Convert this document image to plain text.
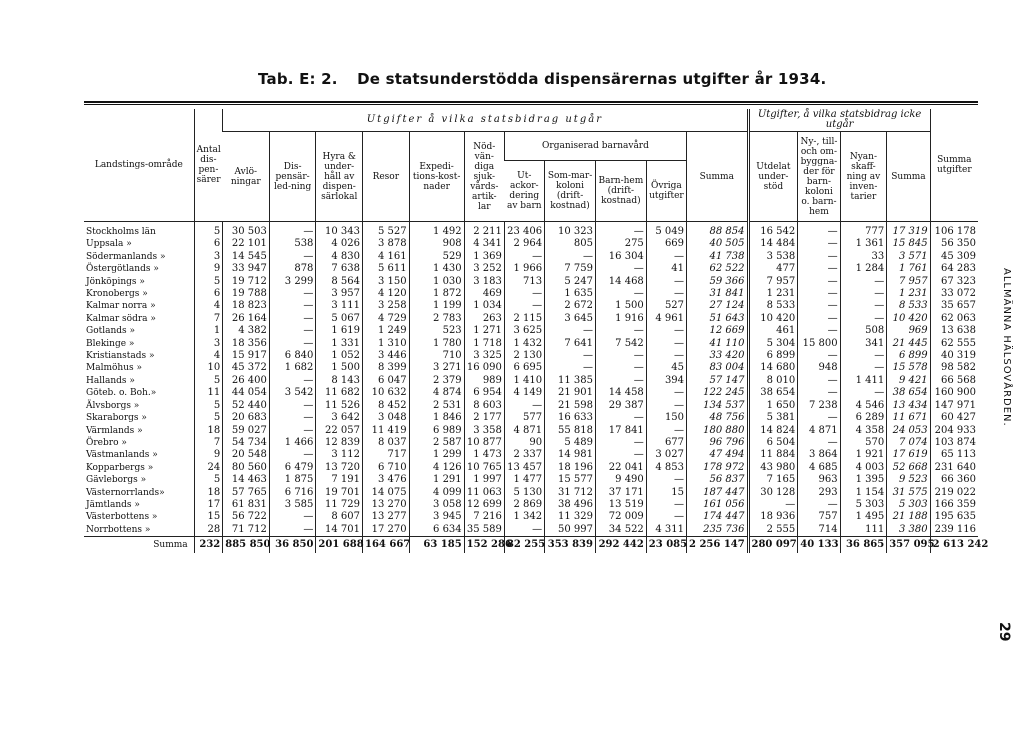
Tab. E: 2. De statsunderstödda dispensärernas utgifter år 1934.
Landstings-område	Antal dis-pen-särer	Utgifter å vilka statsbidrag utgår											Utgifter, å vilka statsbidrag icke utgår				Summa utgifter
		Avlö-ningar	Dis-pensär-led-ning	Hyra & under-håll av dispen-särlokal	Resor	Expedi-tions-kost-nader	Nöd-vän-diga sjuk-vårds-artik-lar	Organiserad barnavård				Summa	Utdelat under-stöd	Ny-, till- och om-byggna-der för barn-koloni o. barn-hem	Nyan-skaff-ning av inven-tarier	Summa	
								Ut-ackor-dering av barn	Som-mar-koloni (drift-kostnad)	Barn-hem (drift-kostnad)	Övriga utgifter						
Stockholms län	5	30 503	—	10 343	5 527	1 492	2 211	23 406	10 323	—	5 049	88 854	16 542	—	777	17 319	106 178
Uppsala »	6	22 101	538	4 026	3 878	908	4 341	2 964	805	275	669	40 505	14 484	—	1 361	15 845	56 350
Södermanlands »	3	14 545	—	4 830	4 161	529	1 369	—	—	16 304	—	41 738	3 538	—	33	3 571	45 309
Östergötlands »	9	33 947	878	7 638	5 611	1 430	3 252	1 966	7 759	—	41	62 522	477	—	1 284	1 761	64 283
Jönköpings »	5	19 712	3 299	8 564	3 150	1 030	3 183	713	5 247	14 468	—	59 366	7 957	—	—	7 957	67 323
Kronobergs »	6	19 788	—	3 957	4 120	1 872	469	—	1 635	—	—	31 841	1 231	—	—	1 231	33 072
Kalmar norra »	4	18 823	—	3 111	3 258	1 199	1 034	—	2 672	1 500	527	27 124	8 533	—	—	8 533	35 657
Kalmar södra »	7	26 164	—	5 067	4 729	2 783	263	2 115	3 645	1 916	4 961	51 643	10 420	—	—	10 420	62 063
Gotlands »	1	4 382	—	1 619	1 249	523	1 271	3 625	—	—	—	12 669	461	—	508	969	13 638
Blekinge »	3	18 356	—	1 331	1 310	1 780	1 718	1 432	7 641	7 542	—	41 110	5 304	15 800	341	21 445	62 555
Kristianstads »	4	15 917	6 840	1 052	3 446	710	3 325	2 130	—	—	—	33 420	6 899	—	—	6 899	40 319
Malmöhus »	10	45 372	1 682	1 500	8 399	3 271	16 090	6 695	—	—	45	83 004	14 680	948	—	15 578	98 582
Hallands »	5	26 400	—	8 143	6 047	2 379	989	1 410	11 385	—	394	57 147	8 010	—	1 411	9 421	66 568
Göteb. o. Boh.»	11	44 054	3 542	11 682	10 632	4 874	6 954	4 149	21 901	14 458	—	122 245	38 654	—	—	38 654	160 900
Älvsborgs »	5	52 440	—	11 526	8 452	2 531	8 603	—	21 598	29 387	—	134 537	1 650	7 238	4 546	13 434	147 971
Skaraborgs »	5	20 683	—	3 642	3 048	1 846	2 177	577	16 633	—	150	48 756	5 381	—	6 289	11 671	60 427
Värmlands »	18	59 027	—	22 057	11 419	6 989	3 358	4 871	55 818	17 841	—	180 880	14 824	4 871	4 358	24 053	204 933
Örebro »	7	54 734	1 466	12 839	8 037	2 587	10 877	90	5 489	—	677	96 796	6 504	—	570	7 074	103 874
Västmanlands »	9	20 548	—	3 112	717	1 299	1 473	2 337	14 981	—	3 027	47 494	11 884	3 864	1 921	17 619	65 113
Kopparbergs »	24	80 560	6 479	13 720	6 710	4 126	10 765	13 457	18 196	22 041	4 853	178 972	43 980	4 685	4 003	52 668	231 640
Gävleborgs »	5	14 463	1 875	7 191	3 476	1 291	1 997	1 477	15 577	9 490	—	56 837	7 165	963	1 395	9 523	66 360
Västernorrlands»	18	57 765	6 716	19 701	14 075	4 099	11 063	5 130	31 712	37 171	15	187 447	30 128	293	1 154	31 575	219 022
Jämtlands »	17	61 831	3 585	11 729	13 270	3 058	12 699	2 869	38 496	13 519	—	161 056	—	—	5 303	5 303	166 359
Västerbottens »	15	56 722	—	8 607	13 277	3 945	7 216	1 342	11 329	72 009	—	174 447	18 936	757	1 495	21 188	195 635
Norrbottens »	28	71 712	—	14 701	17 270	6 634	35 589	—	50 997	34 522	4 311	235 736	2 555	714	111	3 380	239 116
Summa	232	885 850	36 850	201 688	164 667	63 185	152 286	82 255	353 839	292 442	23 085	2 256 147	280 097	40 133	36 865	357 095	2 613 242
ALLMÄNNA HÄLSOVÅRDEN.
29
